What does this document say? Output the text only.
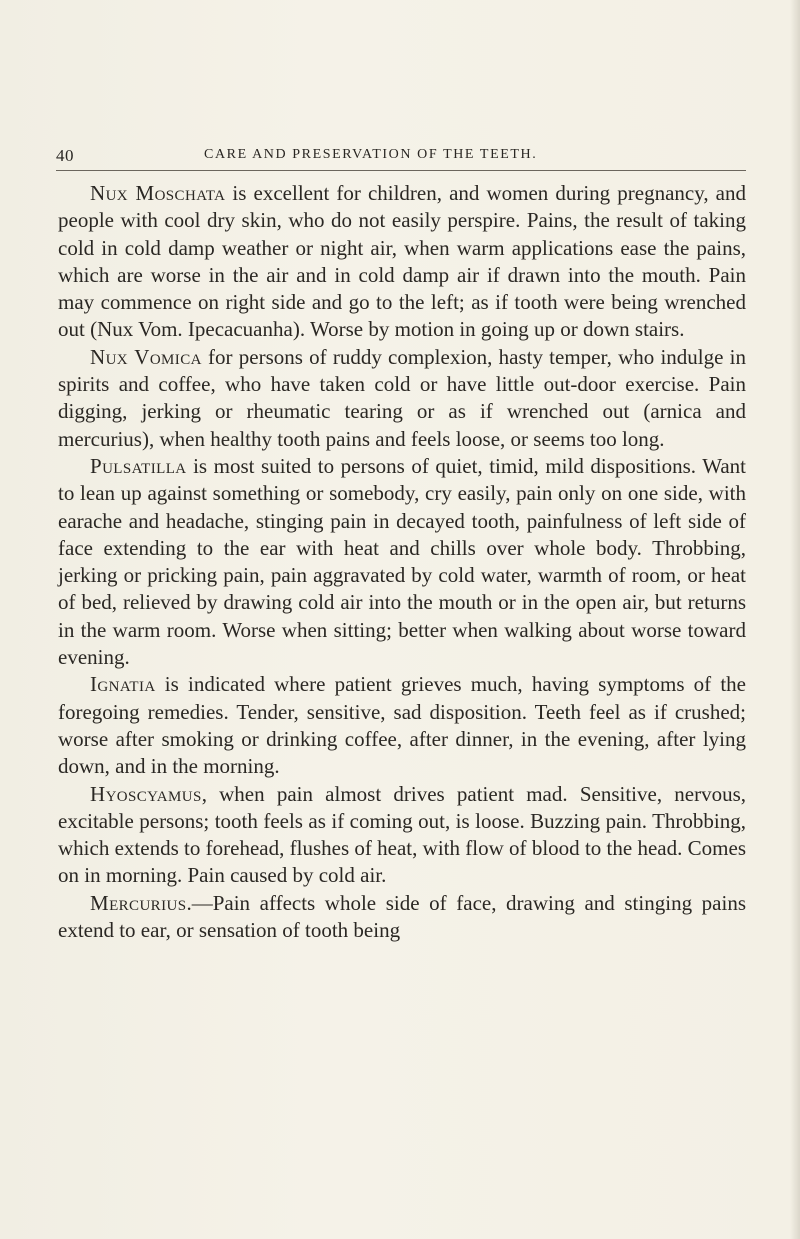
40	CARE AND PRESERVATION OF THE TEETH.

Nux Moschata is excellent for children, and women during pregnancy, and people with cool dry skin, who do not easily perspire. Pains, the result of taking cold in cold damp weather or night air, when warm applications ease the pains, which are worse in the air and in cold damp air if drawn into the mouth. Pain may commence on right side and go to the left; as if tooth were being wrenched out (Nux Vom. Ipecacuanha). Worse by motion in going up or down stairs.

Nux Vomica for persons of ruddy complexion, hasty temper, who indulge in spirits and coffee, who have taken cold or have little out-door exercise. Pain digging, jerking or rheumatic tearing or as if wrenched out (arnica and mercurius), when healthy tooth pains and feels loose, or seems too long.

Pulsatilla is most suited to persons of quiet, timid, mild dispositions. Want to lean up against something or somebody, cry easily, pain only on one side, with earache and headache, stinging pain in decayed tooth, painfulness of left side of face extending to the ear with heat and chills over whole body. Throbbing, jerking or pricking pain, pain aggravated by cold water, warmth of room, or heat of bed, relieved by drawing cold air into the mouth or in the open air, but returns in the warm room. Worse when sitting; better when walking about worse toward evening.

Ignatia is indicated where patient grieves much, having symptoms of the foregoing remedies. Tender, sensitive, sad disposition. Teeth feel as if crushed; worse after smoking or drinking coffee, after dinner, in the evening, after lying down, and in the morning.

Hyoscyamus, when pain almost drives patient mad. Sensitive, nervous, excitable persons; tooth feels as if coming out, is loose. Buzzing pain. Throbbing, which extends to forehead, flushes of heat, with flow of blood to the head. Comes on in morning. Pain caused by cold air.

Mercurius.—Pain affects whole side of face, drawing and stinging pains extend to ear, or sensation of tooth being
